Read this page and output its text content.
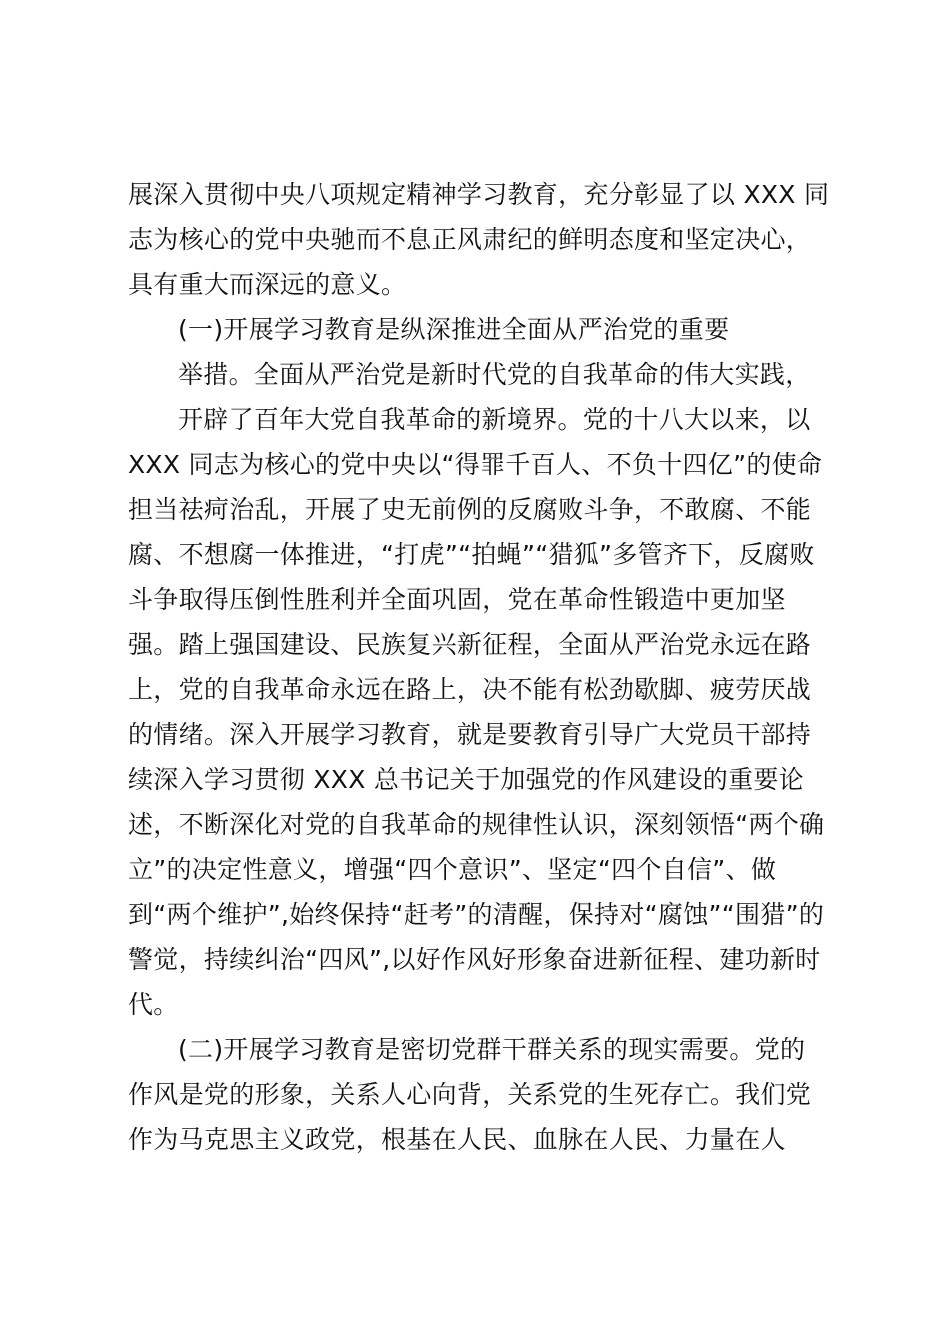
展深入贯彻中央八项规定精神学习教育，充分彰显了以 XXX 同
志为核心的党中央驰而不息正风肃纪的鲜明态度和坚定决心，
具有重大而深远的意义。
(一)开展学习教育是纵深推进全面从严治党的重要
举措。全面从严治党是新时代党的自我革命的伟大实践，
开辟了百年大党自我革命的新境界。党的十八大以来，以
XXX 同志为核心的党中央以“得罪千百人、不负十四亿”的使命
担当祛疴治乱，开展了史无前例的反腐败斗争，不敢腐、不能
腐、不想腐一体推进，“打虎”“拍蝇”“猎狐”多管齐下，反腐败
斗争取得压倒性胜利并全面巩固，党在革命性锻造中更加坚
强。踏上强国建设、民族复兴新征程，全面从严治党永远在路
上，党的自我革命永远在路上，决不能有松劲歇脚、疲劳厌战
的情绪。深入开展学习教育，就是要教育引导广大党员干部持
续深入学习贯彻 XXX 总书记关于加强党的作风建设的重要论
述，不断深化对党的自我革命的规律性认识，深刻领悟“两个确
立”的决定性意义，增强“四个意识”、坚定“四个自信”、做
到“两个维护”,始终保持“赶考”的清醒，保持对“腐蚀”“围猎”的
警觉，持续纠治“四风”,以好作风好形象奋进新征程、建功新时
代。
(二)开展学习教育是密切党群干群关系的现实需要。党的
作风是党的形象，关系人心向背，关系党的生死存亡。我们党
作为马克思主义政党，根基在人民、血脉在人民、力量在人
